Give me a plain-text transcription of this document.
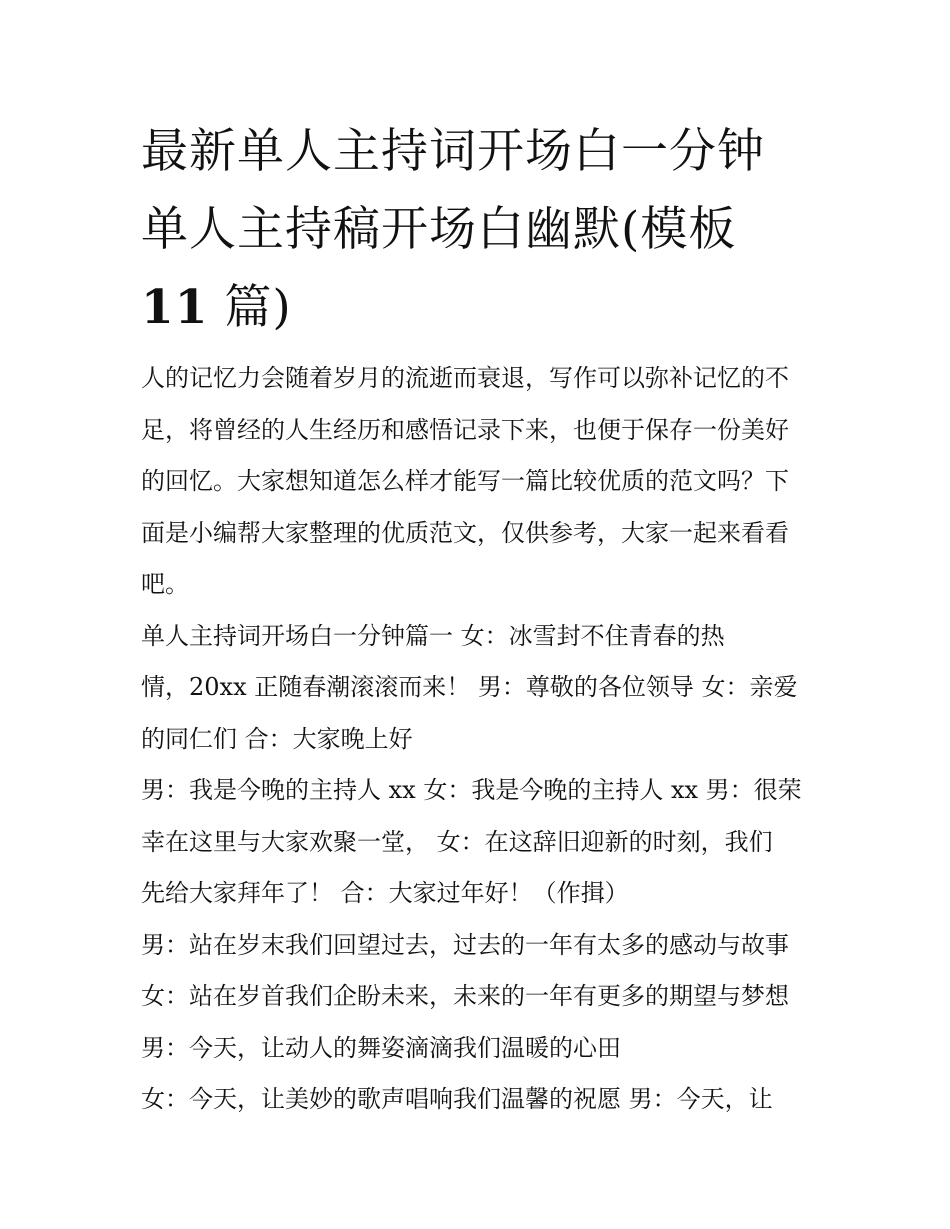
最新单人主持词开场白一分钟
单人主持稿开场白幽默(模板
11 篇)
人的记忆力会随着岁月的流逝而衰退，写作可以弥补记忆的不
足，将曾经的人生经历和感悟记录下来，也便于保存一份美好
的回忆。大家想知道怎么样才能写一篇比较优质的范文吗？下
面是小编帮大家整理的优质范文，仅供参考，大家一起来看看
吧。
单人主持词开场白一分钟篇一 女：冰雪封不住青春的热
情，20xx 正随春潮滚滚而来！ 男：尊敬的各位领导 女：亲爱
的同仁们 合：大家晚上好
男：我是今晚的主持人 xx 女：我是今晚的主持人 xx 男：很荣
幸在这里与大家欢聚一堂， 女：在这辞旧迎新的时刻，我们
先给大家拜年了！ 合：大家过年好！（作揖）
男：站在岁末我们回望过去，过去的一年有太多的感动与故事
女：站在岁首我们企盼未来，未来的一年有更多的期望与梦想
男：今天，让动人的舞姿滴滴我们温暖的心田
女：今天，让美妙的歌声唱响我们温馨的祝愿 男：今天，让
